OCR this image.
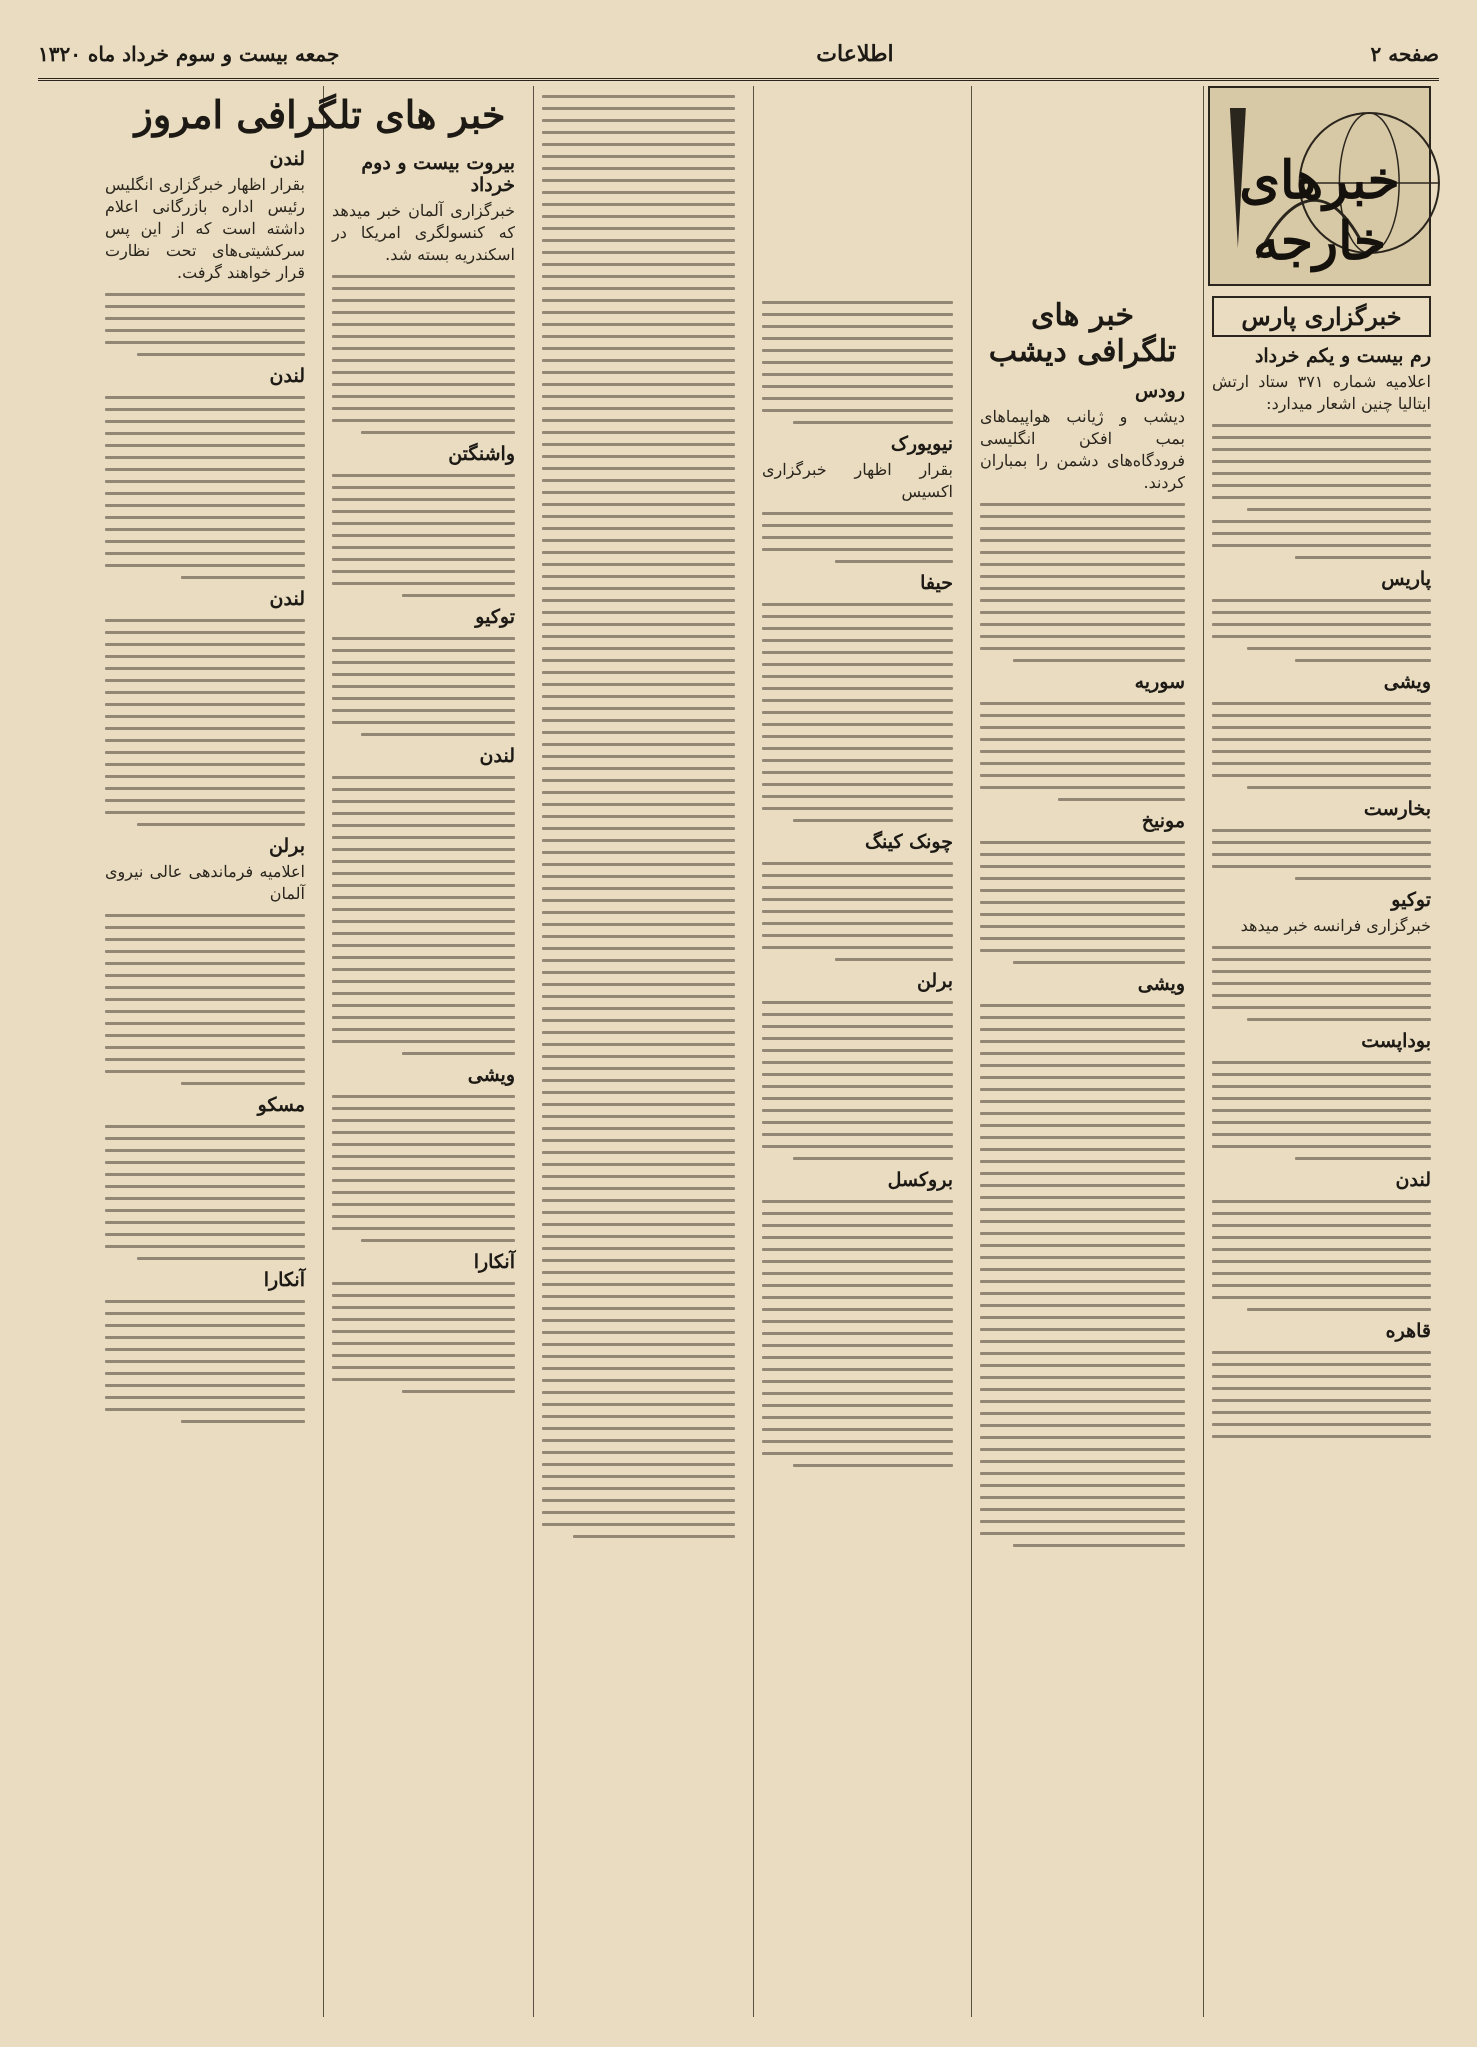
صفحه ۲
اطلاعات
جمعه بیست و سوم خرداد ماه ۱۳۲۰
خبرهای خارجه
خبرگزاری پارس
رم بیست و یکم خرداد
اعلامیه شماره ۳۷۱ ستاد ارتش ایتالیا چنین اشعار میدارد:
پاریس
ویشی
بخارست
توکیو
خبرگزاری فرانسه خبر میدهد
بوداپست
لندن
قاهره
خبر های تلگرافی دیشب
رودس
دیشب و ژیانب هواپیماهای بمب افکن انگلیسی فرودگاه‌های دشمن را بمباران کردند.
سوریه
مونیخ
ویشی
نیویورک
بقرار اظهار خبرگزاری اکسیس
حیفا
چونک کینگ
برلن
بروکسل
بیروت بیست و دوم خرداد
خبرگزاری آلمان خبر میدهد که کنسولگری امریکا در اسکندریه بسته شد.
واشنگتن
توکیو
لندن
ویشی
آنکارا
خبر های تلگرافی امروز
لندن
بقرار اظهار خبرگزاری انگلیس رئیس اداره بازرگانی اعلام داشته است که از این پس سرکشیتی‌های تحت نظارت قرار خواهند گرفت.
لندن
لندن
برلن
اعلامیه فرماندهی عالی نیروی آلمان
مسکو
آنکارا
